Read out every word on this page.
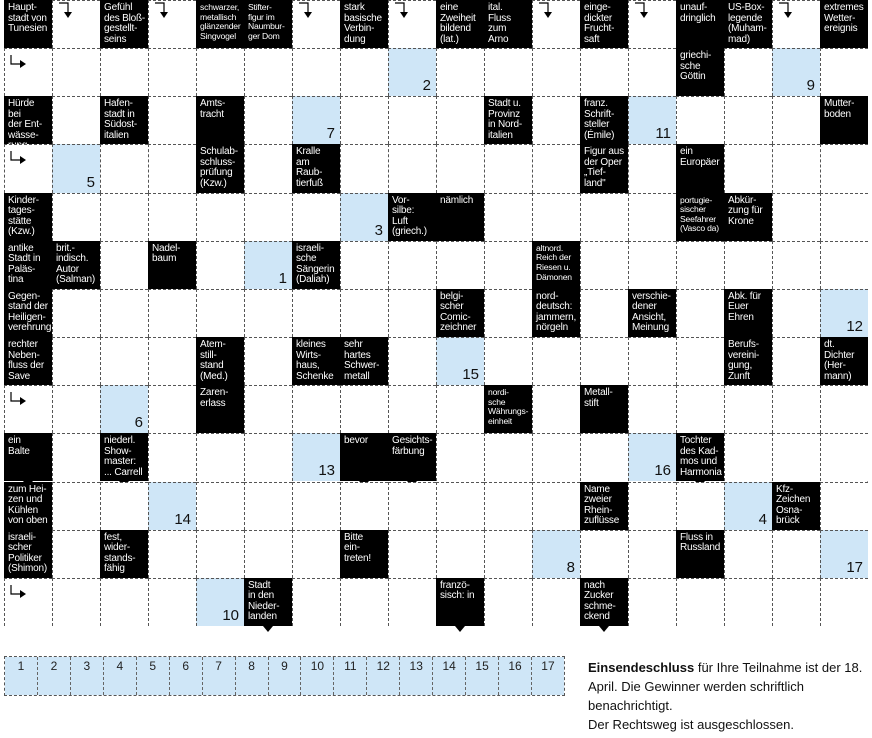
Haupt-
stadt von
Tunesien
Gefühl
des Bloß-
gestellt-
seins
schwarzer,
metallisch
glänzender
Singvogel
Stifter-
figur im
Naumbur-
ger Dom
stark
basische
Verbin-
dung
eine
Zweiheit
bildend
(lat.)
ital.
Fluss
zum
Arno
einge-
dickter
Frucht-
saft
unauf-
dringlich
US-Box-
legende
(Muham-
mad)
extremes
Wetter-
ereignis
2
griechi-
sche
Göttin
9
Hürde bei
der Ent-
wässe-

Hafen-
stadt in
Südost-
italien
Amts-
tracht
7
Stadt u.
Provinz
in Nord-
italien
franz.
Schrift-
steller
(Émile)	11
Mutter-
boden
5
Schulab-
schluss-
prüfung
(Kzw.)
Kralle
am
Raub-
tierfuß
Figur aus
der Oper
„Tief-
land"
ein
Europäer
Kinder-
tages-
stätte
(Kzw.)	3
Vor-
silbe:
Luft
(griech.)
nämlich	portugie-
sischer
Seefahrer
(Vasco da)
Abkür-
zung für
Krone
antike
Stadt in
Paläs-
tina
brit.-
indisch.
Autor
(Salman)
Nadel-
baum
1
israeli-
sche
Sängerin
(Daliah)
altnord.
Reich der
Riesen u.
Dämonen
Gegen-
stand der
Heiligen-
verehrung
belgi-
scher
Comic-
zeichner
nord-
deutsch:
jammern,
nörgeln
verschie-
dener
Ansicht,
Meinung
Abk. für
Euer
Ehren
12
rechter
Neben-
fluss der
Save
Atem-
still-
stand
(Med.)
kleines
Wirts-
haus,
Schenke
sehr
hartes
Schwer-
metall	15
Berufs-
vereini-
gung,
Zunft
dt.
Dichter
(Her-
mann)
6
Zaren-
erlass
nordi-
sche
Währungs-
einheit
Metall-
stift
ein
Balte
niederl.
Show-
master:
... Carrell	13
bevor	Gesichts-
färbung
16
Tochter
des Kad-
mos und
Harmonia
zum Hei-
zen und
Kühlen
von oben	14
Name
zweier
Rhein-
zuflüsse	4
Kfz-
Zeichen
Osna-
brück
israeli-
scher
Politiker
(Shimon)
fest,
wider-
stands-
fähig
Bitte
ein-
treten!
8
Fluss in
Russland
17
10
Stadt
in den
Nieder-
landen
franzö-
sisch: in
nach
Zucker
schme-
ckend
1	2	3	4	5	6	7	8	9	10	11	12	13	14	15	16	17	Einsendeschluss für Ihre Teilnahme ist der 18. April. Die Gewinner werden schriftlich benachrichtigt.

Der Rechtsweg ist ausgeschlossen.
